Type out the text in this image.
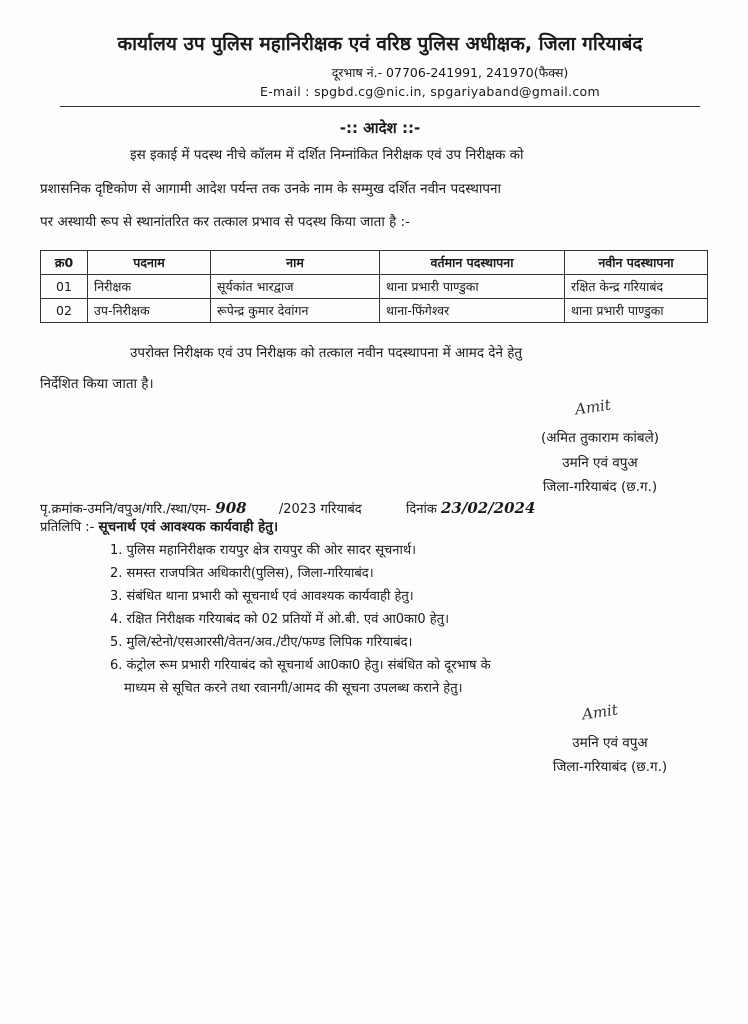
कार्यालय उप पुलिस महानिरीक्षक एवं वरिष्ठ पुलिस अधीक्षक, जिला गरियाबंद
दूरभाष नं.- 07706-241991, 241970(फैक्स)
E-mail : spgbd.cg@nic.in, spgariyaband@gmail.com
-:: आदेश ::-
इस इकाई में पदस्थ नीचे कॉलम में दर्शित निम्नांकित निरीक्षक एवं उप निरीक्षक को
प्रशासनिक दृष्टिकोण से आगामी आदेश पर्यन्त तक उनके नाम के सम्मुख दर्शित नवीन पदस्थापना
पर अस्थायी रूप से स्थानांतरित कर तत्काल प्रभाव से पदस्थ किया जाता है :-
क्र0	पदनाम	नाम	वर्तमान पदस्थापना	नवीन पदस्थापना
01	निरीक्षक	सूर्यकांत भारद्वाज	थाना प्रभारी पाण्डुका	रक्षित केन्द्र गरियाबंद
02	उप-निरीक्षक	रूपेन्द्र कुमार देवांगन	थाना-फिंगेश्वर	थाना प्रभारी पाण्डुका
उपरोक्त निरीक्षक एवं उप निरीक्षक को तत्काल नवीन पदस्थापना में आमद देने हेतु
निर्देशित किया जाता है।
Amit
(अमित तुकाराम कांबले)
उमनि एवं वपुअ
जिला-गरियाबंद (छ.ग.)
पृ.क्रमांक-उमनि/वपुअ/गरि./स्था/एम- 908 /2023 गरियाबंद	दिनांक 23/02/2024
प्रतिलिपि :- सूचनार्थ एवं आवश्यक कार्यवाही हेतु।
1. पुलिस महानिरीक्षक रायपुर क्षेत्र रायपुर की ओर सादर सूचनार्थ।
2. समस्त राजपत्रित अधिकारी(पुलिस), जिला-गरियाबंद।
3. संबंधित थाना प्रभारी को सूचनार्थ एवं आवश्यक कार्यवाही हेतु।
4. रक्षित निरीक्षक गरियाबंद को 02 प्रतियों में ओ.बी. एवं आ0का0 हेतु।
5. मुलि/स्टेनो/एसआरसी/वेतन/अव./टीए/फण्ड लिपिक गरियाबंद।
6. कंट्रोल रूम प्रभारी गरियाबंद को सूचनार्थ आ0का0 हेतु। संबंधित को दूरभाष के
माध्यम से सूचित करने तथा रवानगी/आमद की सूचना उपलब्ध कराने हेतु।
Amit
उमनि एवं वपुअ
जिला-गरियाबंद (छ.ग.)
